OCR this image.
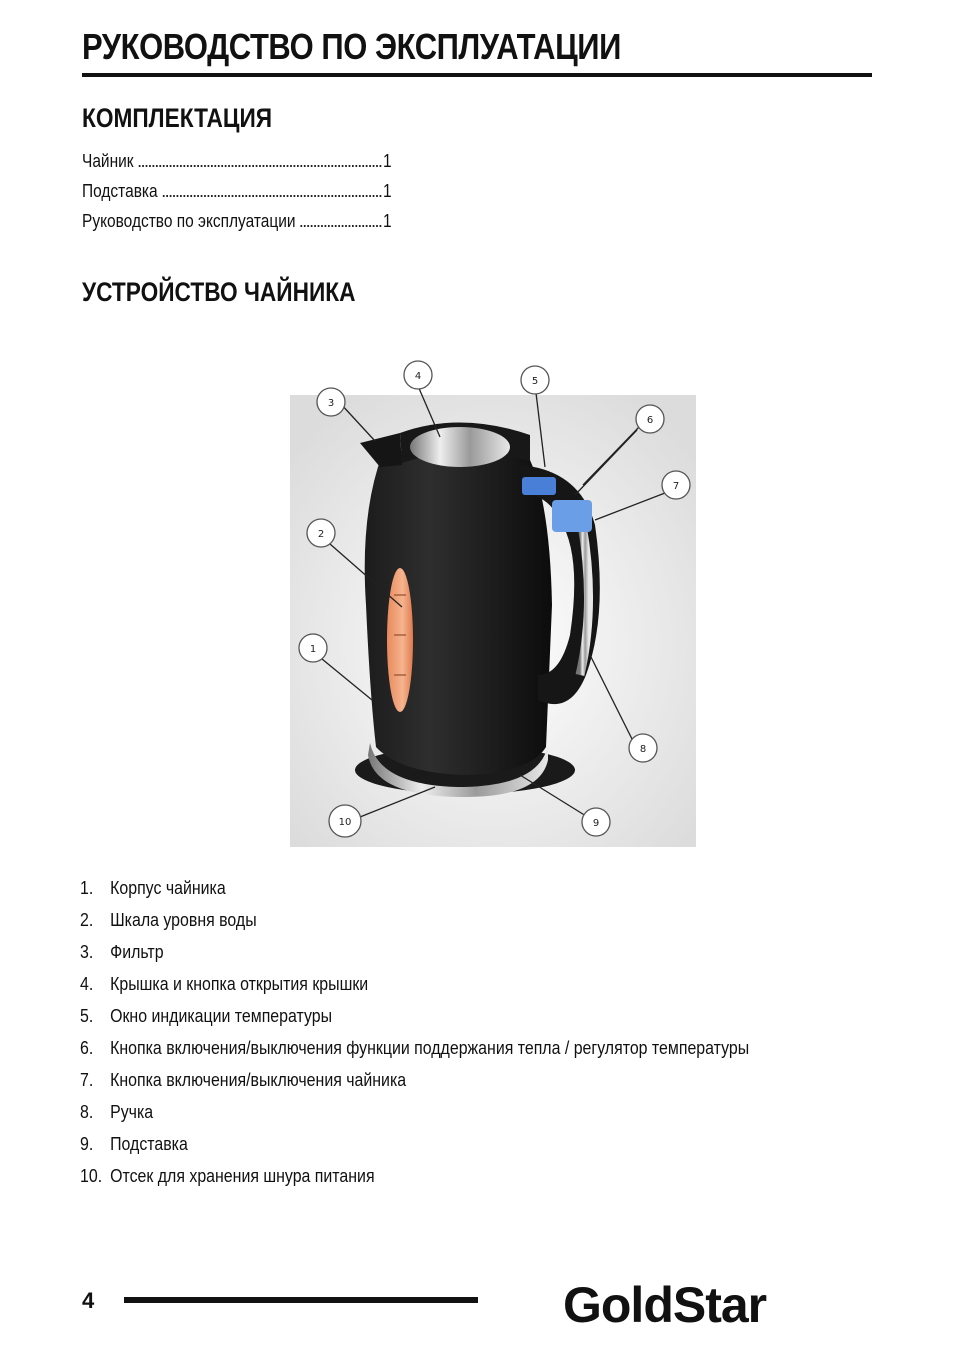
РУКОВОДСТВО ПО ЭКСПЛУАТАЦИИ
КОМПЛЕКТАЦИЯ
Чайник	1
Подставка	1
Руководство по эксплуатации	1
УСТРОЙСТВО ЧАЙНИКА
1
2
3
4	5
6
7
8
9
10
1. Корпус чайника
2. Шкала уровня воды
3. Фильтр
4. Крышка и кнопка открытия крышки
5. Окно индикации температуры
6. Кнопка включения/выключения функции поддержания тепла / регулятор температуры
7. Кнопка включения/выключения чайника
8. Ручка
9. Подставка
10. Отсек для хранения шнура питания
4	GoldStar
